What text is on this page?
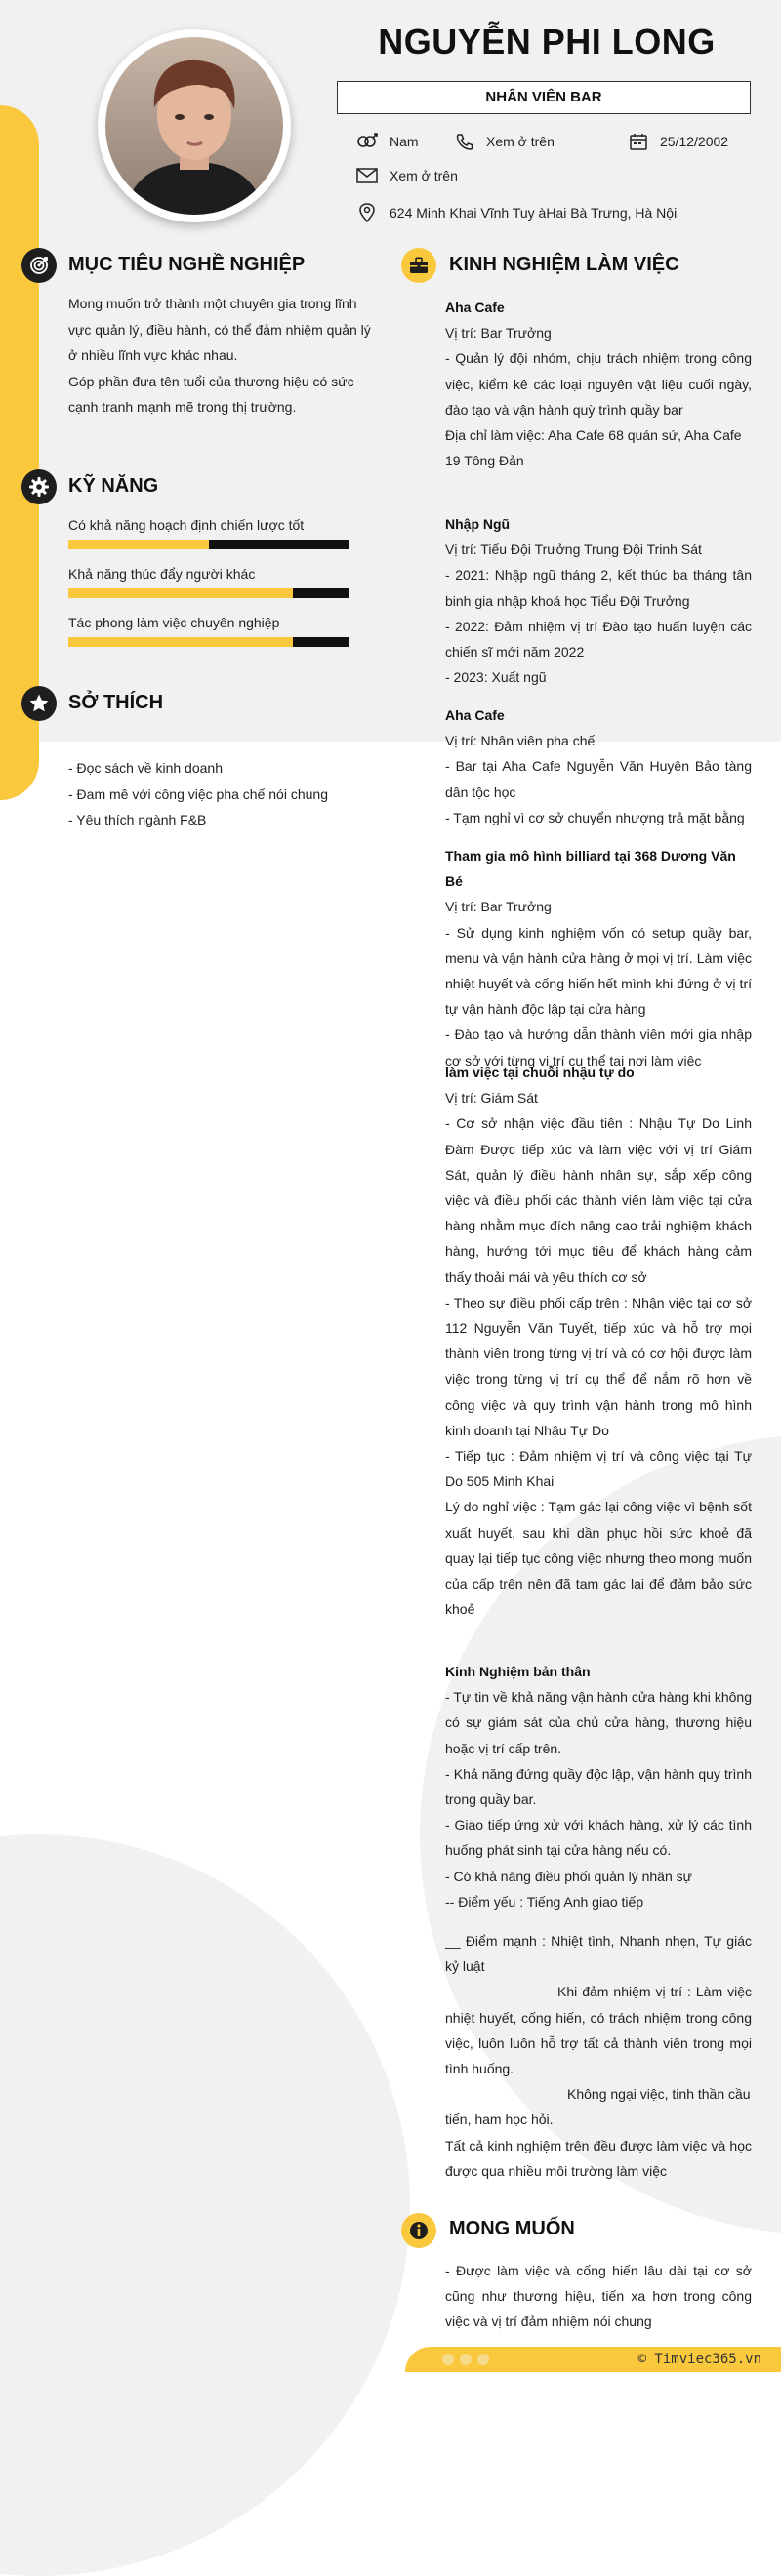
NGUYỄN PHI LONG
NHÂN VIÊN BAR
Nam	Xem ở trên	25/12/2002
Xem ở trên
624 Minh Khai Vĩnh Tuy àHai Bà Trưng, Hà Nội
MỤC TIÊU NGHỀ NGHIỆP
Mong muốn trở thành một chuyên gia trong lĩnh
vực quản lý, điều hành, có thể đảm nhiệm quản lý
ở nhiều lĩnh vực khác nhau.
Góp phần đưa tên tuổi của thương hiệu có sức
cạnh tranh mạnh mẽ trong thị trường.
KỸ NĂNG
Có khả năng hoạch định chiến lược tốt
Khả năng thúc đẩy người khác
Tác phong làm việc chuyên nghiệp
SỞ THÍCH
- Đọc sách về kinh doanh
- Đam mê với công việc pha chế nói chung
- Yêu thích ngành F&B
KINH NGHIỆM LÀM VIỆC

Aha Cafe

Vị trí: Bar Trưởng

- Quản lý đội nhóm, chịu trách nhiệm trong công việc, kiểm kê các loại nguyên vật liệu cuối ngày, đào tạo và vận hành quỳ trình quầy bar

Địa chỉ làm việc: Aha Cafe 68 quán sứ, Aha Cafe 19 Tông Đản

Nhập Ngũ

Vị trí: Tiểu Đội Trưởng Trung Đội Trinh Sát

- 2021: Nhập ngũ tháng 2, kết thúc ba tháng tân binh gia nhập khoá học Tiểu Đội Trưởng

- 2022: Đảm nhiệm vị trí Đào tạo huấn luyện các chiến sĩ mới năm 2022

- 2023: Xuất ngũ

Aha Cafe

Vị trí: Nhân viên pha chế

- Bar tại Aha Cafe Nguyễn Văn Huyên Bảo tàng dân tộc học

- Tạm nghỉ vì cơ sở chuyển nhượng trả mặt bằng

Tham gia mô hình billiard tại 368 Dương Văn Bé

Vị trí: Bar Trưởng

- Sử dụng kinh nghiệm vốn có setup quầy bar, menu và vận hành cửa hàng ở mọi vị trí. Làm việc nhiệt huyết và cống hiến hết mình khi đứng ở vị trí tự vận hành độc lập tại cửa hàng

- Đào tạo và hướng dẫn thành viên mới gia nhập cơ sở với từng vị trí cụ thể tại nơi làm việc

làm việc tại chuỗi nhậu tự do

Vị trí: Giám Sát

- Cơ sở nhận việc đầu tiên : Nhậu Tự Do Linh Đàm Được tiếp xúc và làm việc với vị trí Giám Sát, quản lý điều hành nhân sự, sắp xếp công việc và điều phối các thành viên làm việc tại cửa hàng nhằm mục đích nâng cao trải nghiệm khách hàng, hướng tới mục tiêu để khách hàng cảm thấy thoải mái và yêu thích cơ sở

- Theo sự điều phối cấp trên : Nhận việc tại cơ sở 112 Nguyễn Văn Tuyết, tiếp xúc và hỗ trợ mọi thành viên trong từng vị trí và có cơ hội được làm việc trong từng vị trí cụ thể để nắm rõ hơn về công việc và quy trình vận hành trong mô hình kinh doanh tại Nhậu Tự Do

- Tiếp tục : Đảm nhiệm vị trí và công việc tại Tự Do 505 Minh Khai

Lý do nghỉ việc : Tạm gác lại công việc vì bệnh sốt xuất huyết, sau khi dần phục hồi sức khoẻ đã quay lại tiếp tục công việc nhưng theo mong muốn của cấp trên nên đã tạm gác lại để đảm bảo sức khoẻ

Kinh Nghiệm bản thân

- Tự tin về khả năng vận hành cửa hàng khi không có sự giám sát của chủ cửa hàng, thương hiệu hoặc vị trí cấp trên.

- Khả năng đứng quầy độc lập, vận hành quy trình trong quầy bar.

- Giao tiếp ứng xử với khách hàng, xử lý các tình huống phát sinh tại cửa hàng nếu có.

- Có khả năng điều phối quản lý nhân sự

-- Điểm yếu : Tiếng Anh giao tiếp

__ Điểm mạnh : Nhiệt tình, Nhanh nhẹn, Tự giác kỷ luật

Khi đảm nhiệm vị trí : Làm việc nhiệt huyết, cống hiến, có trách nhiệm trong công việc, luôn luôn hỗ trợ tất cả thành viên trong mọi tình huống.

Không ngại việc, tinh thần cầu tiến, ham học hỏi.

Tất cả kinh nghiệm trên đều được làm việc và học được qua nhiều môi trường làm việc

MONG MUỐN
- Được làm việc và cống hiến lâu dài tại cơ sở cũng như thương hiệu, tiến xa hơn trong công việc và vị trí đảm nhiệm nói chung
© Timviec365.vn
